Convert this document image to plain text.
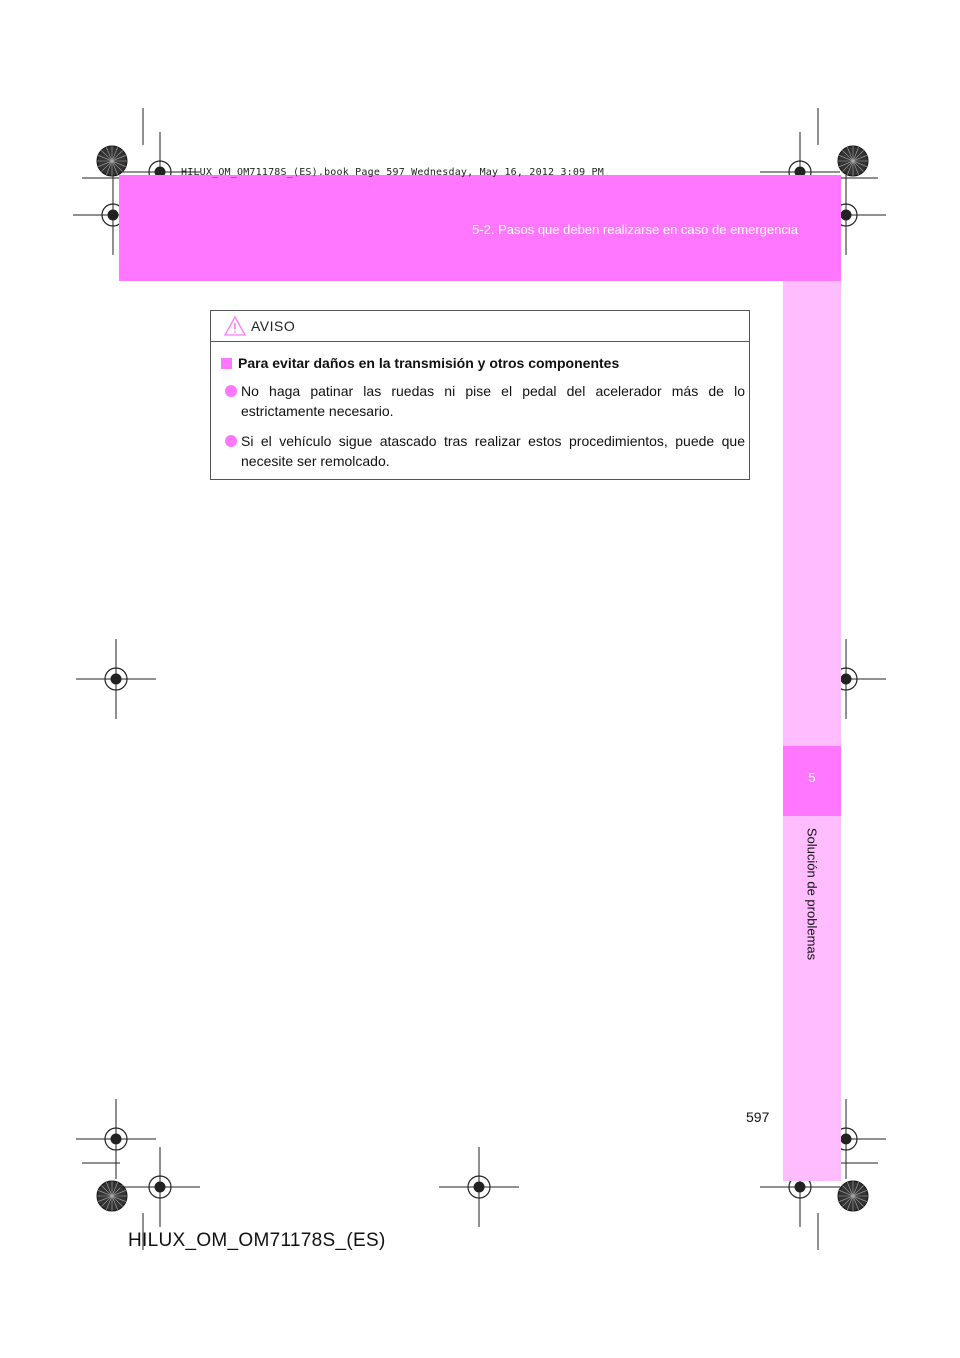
HILUX_OM_OM71178S_(ES).book Page 597 Wednesday, May 16, 2012 3:09 PM
5-2. Pasos que deben realizarse en caso de emergencia
5
Solución de problemas
AVISO
Para evitar daños en la transmisión y otros componentes
No haga patinar las ruedas ni pise el pedal del acelerador más de lo estrictamente necesario.
Si el vehículo sigue atascado tras realizar estos procedimientos, puede que necesite ser remolcado.
597
HILUX_OM_OM71178S_(ES)
